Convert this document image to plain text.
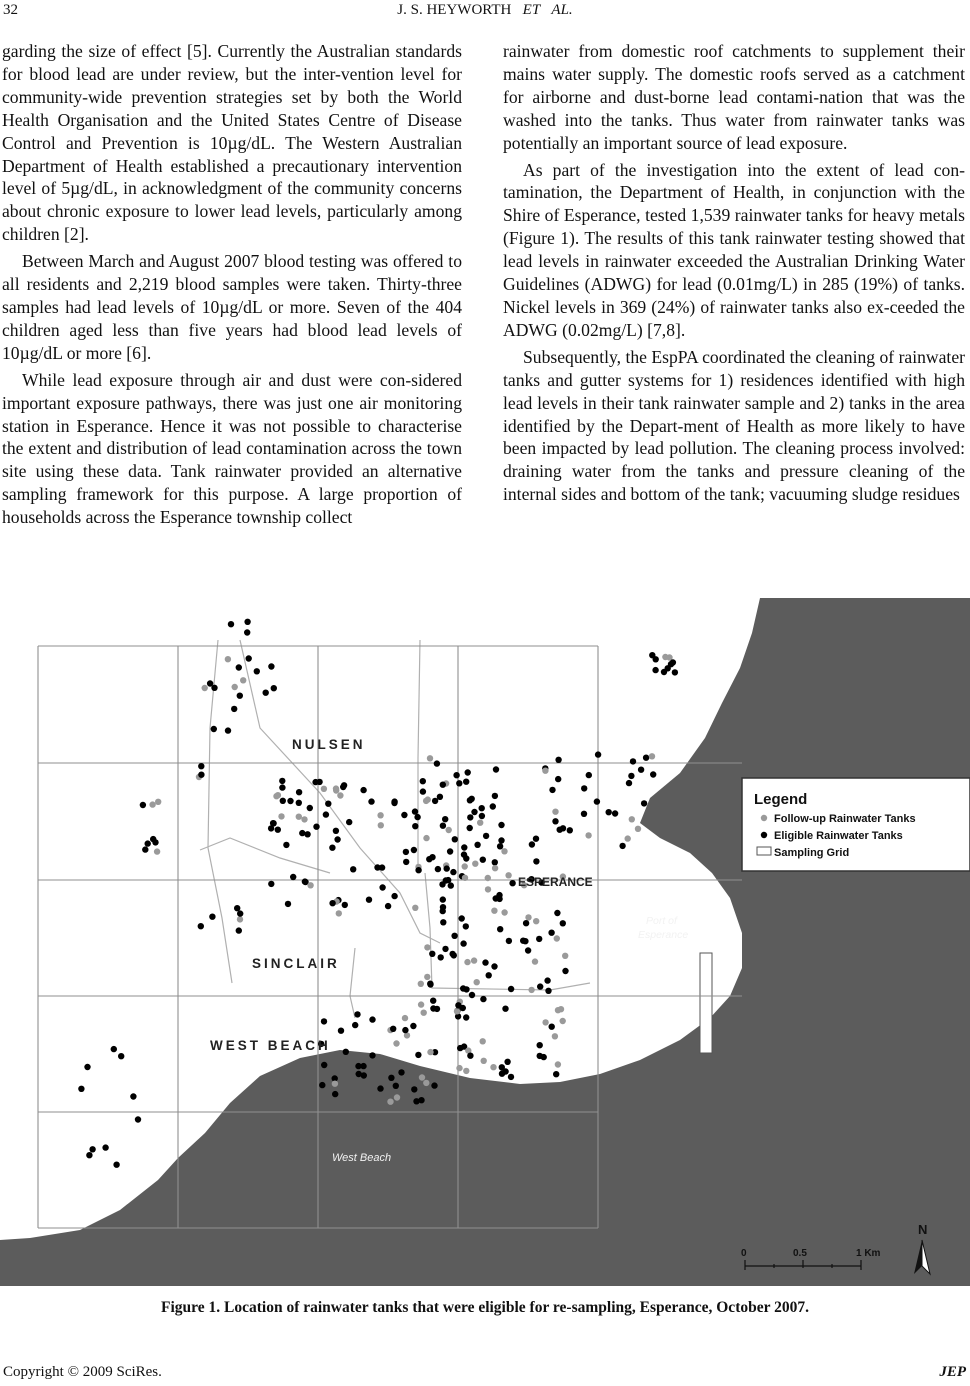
32	J. S. HEYWORTH ET AL.

garding the size of effect [5]. Currently the Australian standards for blood lead are under review, but the inter-vention level for community-wide prevention strategies set by both the World Health Organisation and the United States Centre of Disease Control and Prevention is 10µg/dL. The Western Australian Department of Health established a precautionary intervention level of 5µg/dL, in acknowledgment of the community concerns about chronic exposure to lower lead levels, particularly among children [2].

Between March and August 2007 blood testing was offered to all residents and 2,219 blood samples were taken. Thirty-three samples had lead levels of 10µg/dL or more. Seven of the 404 children aged less than five years had blood lead levels of 10µg/dL or more [6].

While lead exposure through air and dust were con-sidered important exposure pathways, there was just one air monitoring station in Esperance. Hence it was not possible to characterise the extent and distribution of lead contamination across the town site using these data. Tank rainwater provided an alternative sampling framework for this purpose. A large proportion of households across the Esperance township collect

rainwater from domestic roof catchments to supplement their mains water supply. The domestic roofs served as a catchment for airborne and dust-borne lead contami-nation that was the washed into the tanks. Thus water from rainwater tanks was potentially an important source of lead exposure.

As part of the investigation into the extent of lead con-tamination, the Department of Health, in conjunction with the Shire of Esperance, tested 1,539 rainwater tanks for heavy metals (Figure 1). The results of this tank rainwater testing showed that lead levels in rainwater exceeded the Australian Drinking Water Guidelines (ADWG) for lead (0.01mg/L) in 285 (19%) of tanks. Nickel levels in 369 (24%) of rainwater tanks also ex-ceeded the ADWG (0.02mg/L) [7,8].

Subsequently, the EspPA coordinated the cleaning of rainwater tanks and gutter systems for 1) residences identified with high lead levels in their tank rainwater sample and 2) tanks in the area identified by the Depart-ment of Health as more likely to have been impacted by lead pollution. The cleaning process involved: draining water from the tanks and pressure cleaning of the internal sides and bottom of the tank; vacuuming sludge residues

NULSEN
SINCLAIR
WEST BEACH
ESPERANCE
Port of
Esperance
West Beach
Legend
Follow-up Rainwater Tanks
Eligible Rainwater Tanks
Sampling Grid
0	0.5	1 Km
N
Figure 1. Location of rainwater tanks that were eligible for re-sampling, Esperance, October 2007.
Copyright © 2009 SciRes.	JEP
